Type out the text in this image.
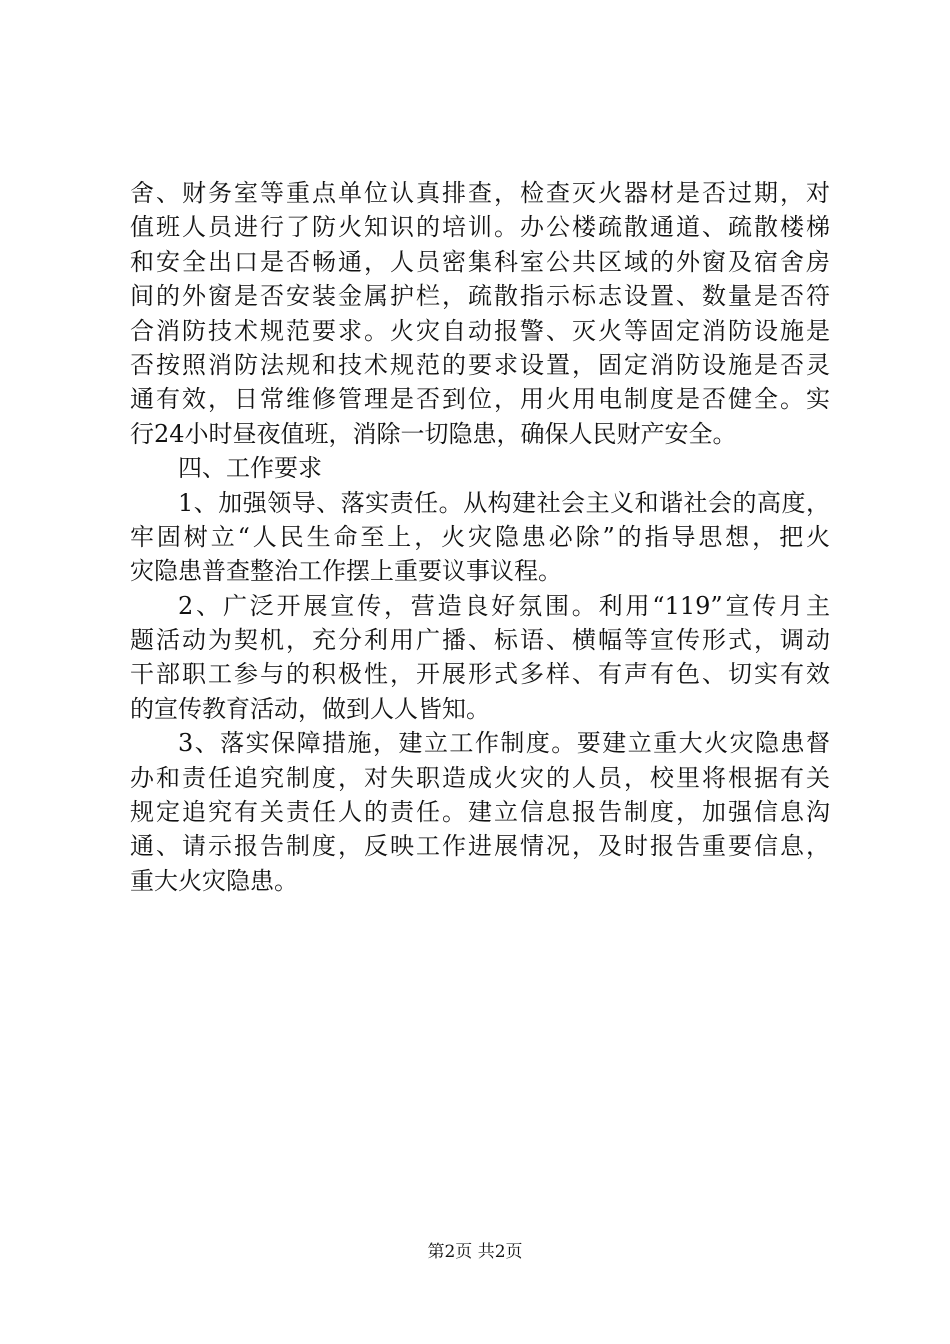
舍、财务室等重点单位认真排查，检查灭火器材是否过期，对
值班人员进行了防火知识的培训。办公楼疏散通道、疏散楼梯
和安全出口是否畅通，人员密集科室公共区域的外窗及宿舍房
间的外窗是否安装金属护栏，疏散指示标志设置、数量是否符
合消防技术规范要求。火灾自动报警、灭火等固定消防设施是
否按照消防法规和技术规范的要求设置，固定消防设施是否灵
通有效，日常维修管理是否到位，用火用电制度是否健全。实
行24小时昼夜值班，消除一切隐患，确保人民财产安全。
四、工作要求
1、加强领导、落实责任。从构建社会主义和谐社会的高度，
牢固树立“人民生命至上，火灾隐患必除”的指导思想，把火
灾隐患普查整治工作摆上重要议事议程。
2、广泛开展宣传，营造良好氛围。利用“119”宣传月主
题活动为契机，充分利用广播、标语、横幅等宣传形式，调动
干部职工参与的积极性，开展形式多样、有声有色、切实有效
的宣传教育活动，做到人人皆知。
3、落实保障措施，建立工作制度。要建立重大火灾隐患督
办和责任追究制度，对失职造成火灾的人员，校里将根据有关
规定追究有关责任人的责任。建立信息报告制度，加强信息沟
通、请示报告制度，反映工作进展情况，及时报告重要信息，
重大火灾隐患。
第2页 共2页
